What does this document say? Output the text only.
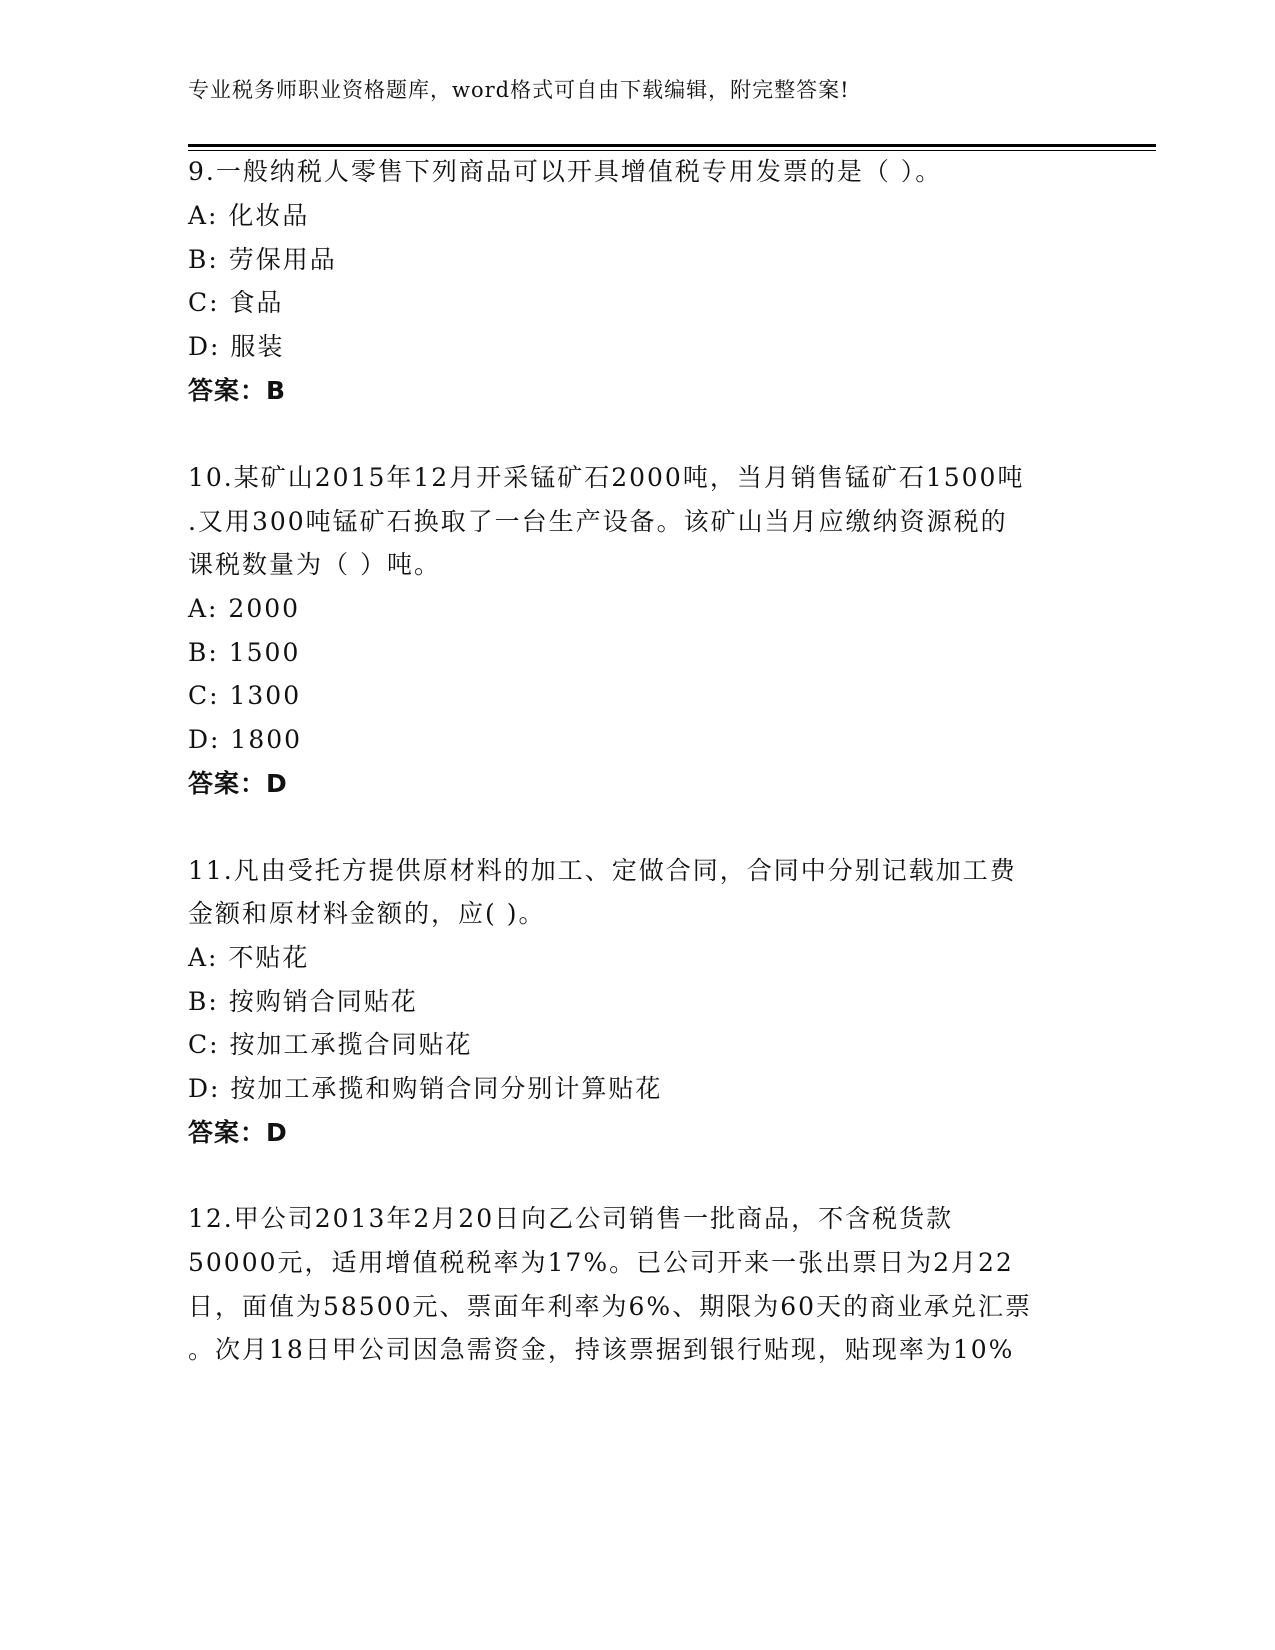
专业税务师职业资格题库，word格式可自由下载编辑，附完整答案!
9.一般纳税人零售下列商品可以开具增值税专用发票的是（ ）。
A: 化妆品
B: 劳保用品
C: 食品
D: 服装
答案：B
10.某矿山2015年12月开采锰矿石2000吨，当月销售锰矿石1500吨
.又用300吨锰矿石换取了一台生产设备。该矿山当月应缴纳资源税的
课税数量为（ ）吨。
A: 2000
B: 1500
C: 1300
D: 1800
答案：D
11.凡由受托方提供原材料的加工、定做合同，合同中分别记载加工费
金额和原材料金额的，应( )。
A: 不贴花
B: 按购销合同贴花
C: 按加工承揽合同贴花
D: 按加工承揽和购销合同分别计算贴花
答案：D
12.甲公司2013年2月20日向乙公司销售一批商品，不含税货款
50000元，适用增值税税率为17%。已公司开来一张出票日为2月22
日，面值为58500元、票面年利率为6%、期限为60天的商业承兑汇票
。次月18日甲公司因急需资金，持该票据到银行贴现，贴现率为10%
